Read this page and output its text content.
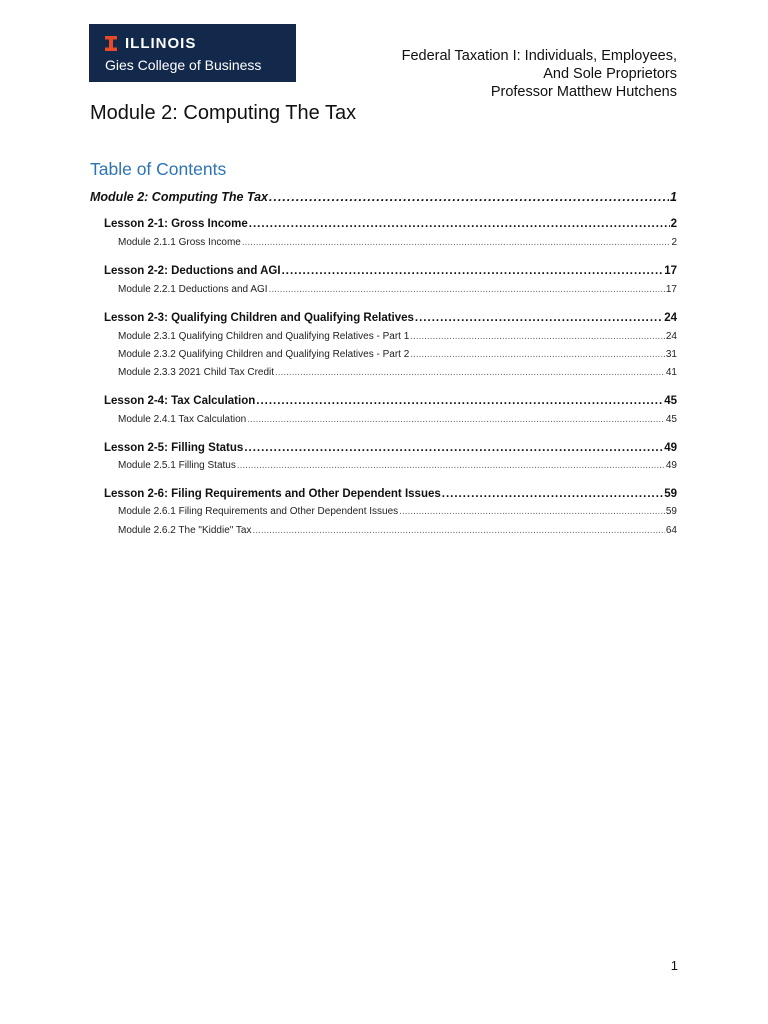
ILLINOIS
Gies College of Business
Federal Taxation I: Individuals, Employees,
And Sole Proprietors
Professor Matthew Hutchens
Module 2: Computing The Tax
Table of Contents
Module 2: Computing The Tax .....	1
Lesson 2-1: Gross Income .....	2
Module 2.1.1 Gross Income .....	2
Lesson 2-2: Deductions and AGI .....	17
Module 2.2.1 Deductions and AGI .....	17
Lesson 2-3: Qualifying Children and Qualifying Relatives .....	24
Module 2.3.1 Qualifying Children and Qualifying Relatives - Part 1 .....	24
Module 2.3.2 Qualifying Children and Qualifying Relatives - Part 2 .....	31
Module 2.3.3 2021 Child Tax Credit .....	41
Lesson 2-4: Tax Calculation .....	45
Module 2.4.1 Tax Calculation .....	45
Lesson 2-5: Filling Status .....	49
Module 2.5.1 Filling Status .....	49
Lesson 2-6: Filing Requirements and Other Dependent Issues .....	59
Module 2.6.1 Filing Requirements and Other Dependent Issues .....	59
Module 2.6.2 The "Kiddie" Tax .....	64
1
